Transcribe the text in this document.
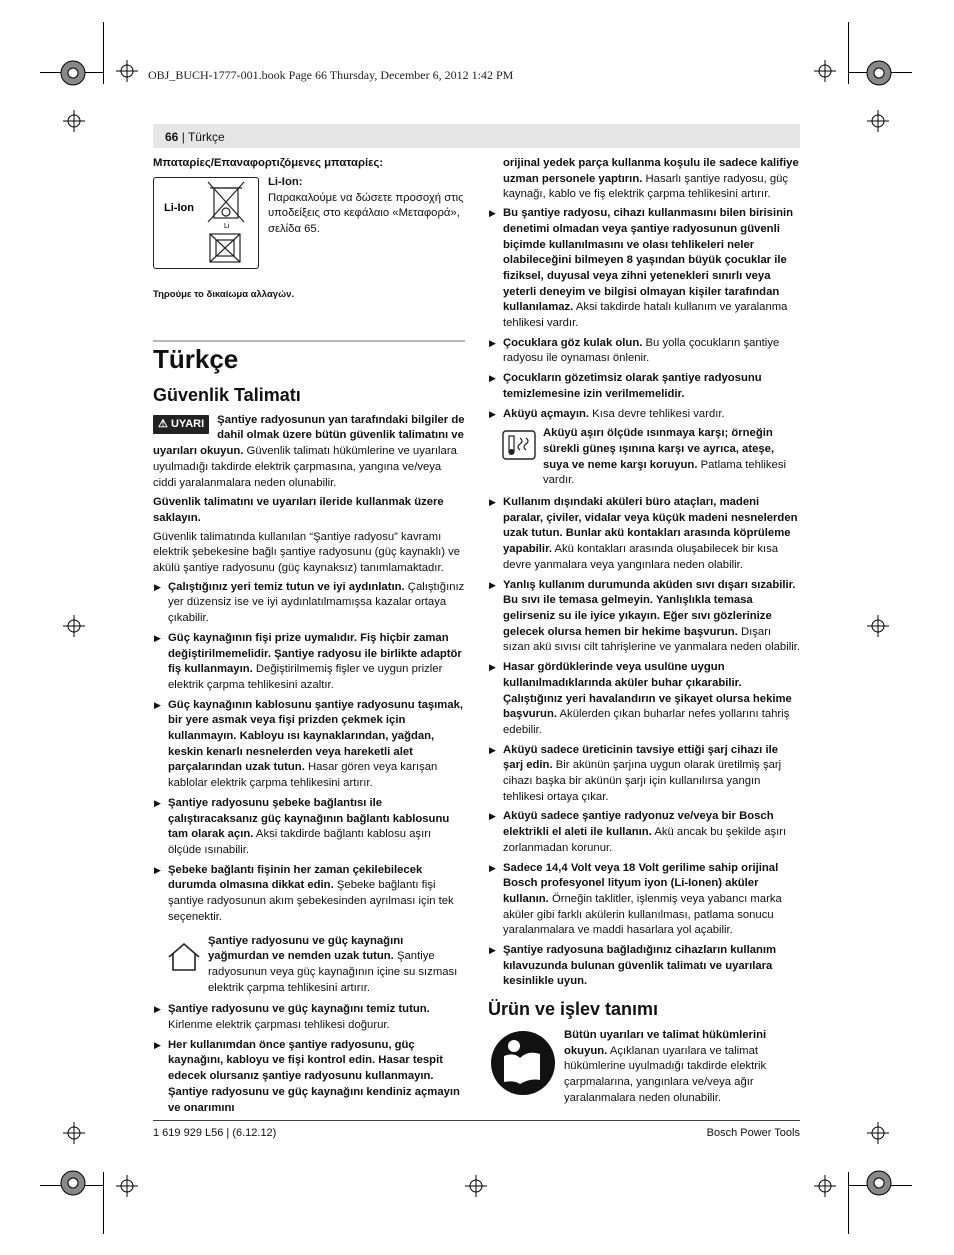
OBJ_BUCH-1777-001.book Page 66 Thursday, December 6, 2012 1:42 PM
66 | Türkçe

Μπαταρίες/Επαναφορτιζόμενες μπαταρίες:

Li-Ion
Li

Li-Ion:

Παρακαλούμε να δώσετε προσοχή στις υποδείξεις στο κεφάλαιο «Μεταφορά», σελίδα 65.

Τηρούμε το δικαίωμα αλλαγών.

Türkçe
Güvenlik Talimatı
⚠ UYARI	Şantiye radyosunun yan tarafındaki bilgiler de dahil olmak üzere bütün güvenlik talimatını ve uyarıları okuyun. Güvenlik talimatı hükümlerine ve uyarılara uyulmadığı takdirde elektrik çarpmasına, yangına ve/veya ciddi yaralanmalara neden olunabilir.

Güvenlik talimatını ve uyarıları ileride kullanmak üzere saklayın.

Güvenlik talimatında kullanılan “Şantiye radyosu” kavramı elektrik şebekesine bağlı şantiye radyosunu (güç kaynaklı) ve akülü şantiye radyosunu (güç kaynaksız) tanımlamaktadır.

▶ Çalıştığınız yeri temiz tutun ve iyi aydınlatın. Çalıştığınız yer düzensiz ise ve iyi aydınlatılmamışsa kazalar ortaya çıkabilir.
▶ Güç kaynağının fişi prize uymalıdır. Fiş hiçbir zaman değiştirilmemelidir. Şantiye radyosu ile birlikte adaptör fiş kullanmayın. Değiştirilmemiş fişler ve uygun prizler elektrik çarpma tehlikesini azaltır.
▶ Güç kaynağının kablosunu şantiye radyosunu taşımak, bir yere asmak veya fişi prizden çekmek için kullanmayın. Kabloyu ısı kaynaklarından, yağdan, keskin kenarlı nesnelerden veya hareketli alet parçalarından uzak tutun. Hasar gören veya karışan kablolar elektrik çarpma tehlikesini artırır.
▶ Şantiye radyosunu şebeke bağlantısı ile çalıştıracaksanız güç kaynağının bağlantı kablosunu tam olarak açın. Aksi takdirde bağlantı kablosu aşırı ölçüde ısınabilir.
▶ Şebeke bağlantı fişinin her zaman çekilebilecek durumda olmasına dikkat edin. Şebeke bağlantı fişi şantiye radyosunun akım şebekesinden ayrılması için tek seçenektir.
Şantiye radyosunu ve güç kaynağını yağmurdan ve nemden uzak tutun. Şantiye radyosunun veya güç kaynağının içine su sızması elektrik çarpma tehlikesini artırır.
▶ Şantiye radyosunu ve güç kaynağını temiz tutun. Kirlenme elektrik çarpması tehlikesi doğurur.
▶ Her kullanımdan önce şantiye radyosunu, güç kaynağını, kabloyu ve fişi kontrol edin. Hasar tespit edecek olursanız şantiye radyosunu kullanmayın. Şantiye radyosunu ve güç kaynağını kendiniz açmayın ve onarımını

orijinal yedek parça kullanma koşulu ile sadece kalifiye uzman personele yaptırın. Hasarlı şantiye radyosu, güç kaynağı, kablo ve fiş elektrik çarpma tehlikesini artırır.

▶ Bu şantiye radyosu, cihazı kullanmasını bilen birisinin denetimi olmadan veya şantiye radyosunun güvenli biçimde kullanılmasını ve olası tehlikeleri neler olabileceğini bilmeyen 8 yaşından büyük çocuklar ile fiziksel, duyusal veya zihni yetenekleri sınırlı veya yeterli deneyim ve bilgisi olmayan kişiler tarafından kullanılamaz. Aksi takdirde hatalı kullanım ve yaralanma tehlikesi vardır.
▶ Çocuklara göz kulak olun. Bu yolla çocukların şantiye radyosu ile oynaması önlenir.
▶ Çocukların gözetimsiz olarak şantiye radyosunu temizlemesine izin verilmemelidir.
▶ Aküyü açmayın. Kısa devre tehlikesi vardır.
Aküyü aşırı ölçüde ısınmaya karşı; örneğin sürekli güneş ışınına karşı ve ayrıca, ateşe, suya ve neme karşı koruyun. Patlama tehlikesi vardır.
▶ Kullanım dışındaki aküleri büro ataçları, madeni paralar, çiviler, vidalar veya küçük madeni nesnelerden uzak tutun. Bunlar akü kontakları arasında köprüleme yapabilir. Akü kontakları arasında oluşabilecek bir kısa devre yanmalara veya yangınlara neden olabilir.
▶ Yanlış kullanım durumunda aküden sıvı dışarı sızabilir. Bu sıvı ile temasa gelmeyin. Yanlışlıkla temasa gelirseniz su ile iyice yıkayın. Eğer sıvı gözlerinize gelecek olursa hemen bir hekime başvurun. Dışarı sızan akü sıvısı cilt tahrişlerine ve yanmalara neden olabilir.
▶ Hasar gördüklerinde veya usulüne uygun kullanılmadıklarında aküler buhar çıkarabilir. Çalıştığınız yeri havalandırın ve şikayet olursa hekime başvurun. Akülerden çıkan buharlar nefes yollarını tahriş edebilir.
▶ Aküyü sadece üreticinin tavsiye ettiği şarj cihazı ile şarj edin. Bir akünün şarjına uygun olarak üretilmiş şarj cihazı başka bir akünün şarjı için kullanılırsa yangın tehlikesi ortaya çıkar.
▶ Aküyü sadece şantiye radyonuz ve/veya bir Bosch elektrikli el aleti ile kullanın. Akü ancak bu şekilde aşırı zorlanmadan korunur.
▶ Sadece 14,4 Volt veya 18 Volt gerilime sahip orijinal Bosch profesyonel lityum iyon (Li-Ionen) aküler kullanın. Örneğin taklitler, işlenmiş veya yabancı marka aküler gibi farklı akülerin kullanılması, patlama sonucu yaralanmalara ve maddi hasarlara yol açabilir.
▶ Şantiye radyosuna bağladığınız cihazların kullanım kılavuzunda bulunan güvenlik talimatı ve uyarılara kesinlikle uyun.
Ürün ve işlev tanımı
Bütün uyarıları ve talimat hükümlerini okuyun. Açıklanan uyarılara ve talimat hükümlerine uyulmadığı takdirde elektrik çarpmalarına, yangınlara ve/veya ağır yaralanmalara neden olunabilir.
1 619 929 L56 | (6.12.12)	Bosch Power Tools
